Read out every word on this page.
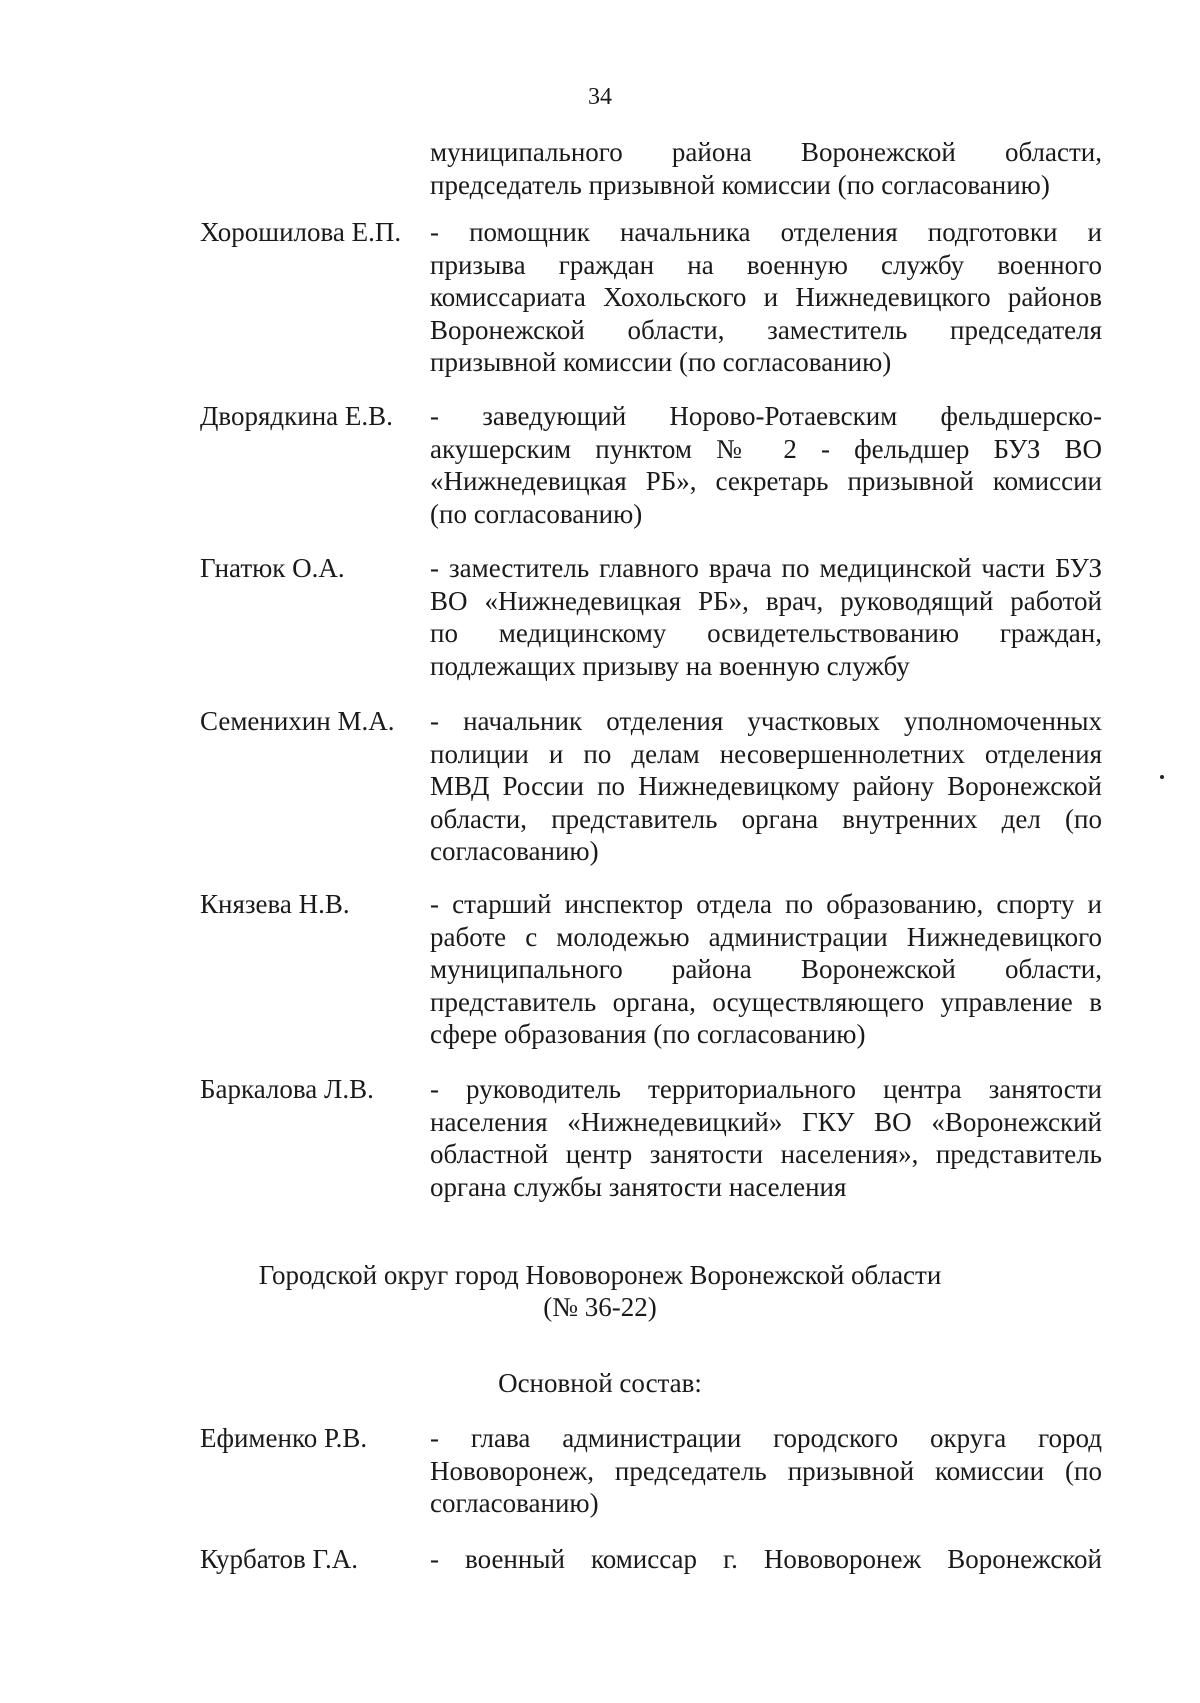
34
муниципального района Воронежской области,
председатель призывной комиссии (по согласованию)
Хорошилова Е.П. - помощник начальника отделения подготовки и
призыва граждан на военную службу военного
комиссариата Хохольского и Нижнедевицкого районов
Воронежской области, заместитель председателя
призывной комиссии (по согласованию)
Дворядкина Е.В. - заведующий Норово-Ротаевским фельдшерско-
акушерским пунктом № 2 - фельдшер БУЗ ВО
«Нижнедевицкая РБ», секретарь призывной комиссии
(по согласованию)
Гнатюк О.А.	- заместитель главного врача по медицинской части БУЗ
ВО «Нижнедевицкая РБ», врач, руководящий работой
по медицинскому освидетельствованию граждан,
подлежащих призыву на военную службу
Семенихин М.А. - начальник отделения участковых уполномоченных
полиции и по делам несовершеннолетних отделения
МВД России по Нижнедевицкому району Воронежской
области, представитель органа внутренних дел (по
согласованию)
Князева Н.В.	- старший инспектор отдела по образованию, спорту и
работе с молодежью администрации Нижнедевицкого
муниципального района Воронежской области,
представитель органа, осуществляющего управление в
сфере образования (по согласованию)
Баркалова Л.В. - руководитель территориального центра занятости
населения «Нижнедевицкий» ГКУ ВО «Воронежский
областной центр занятости населения», представитель
органа службы занятости населения
Городской округ город Нововоронеж Воронежской области
(№ 36-22)
Основной состав:
Ефименко Р.В. - глава администрации городского округа город
Нововоронеж, председатель призывной комиссии (по
согласованию)
Курбатов Г.А.	- военный комиссар г. Нововоронеж Воронежской
